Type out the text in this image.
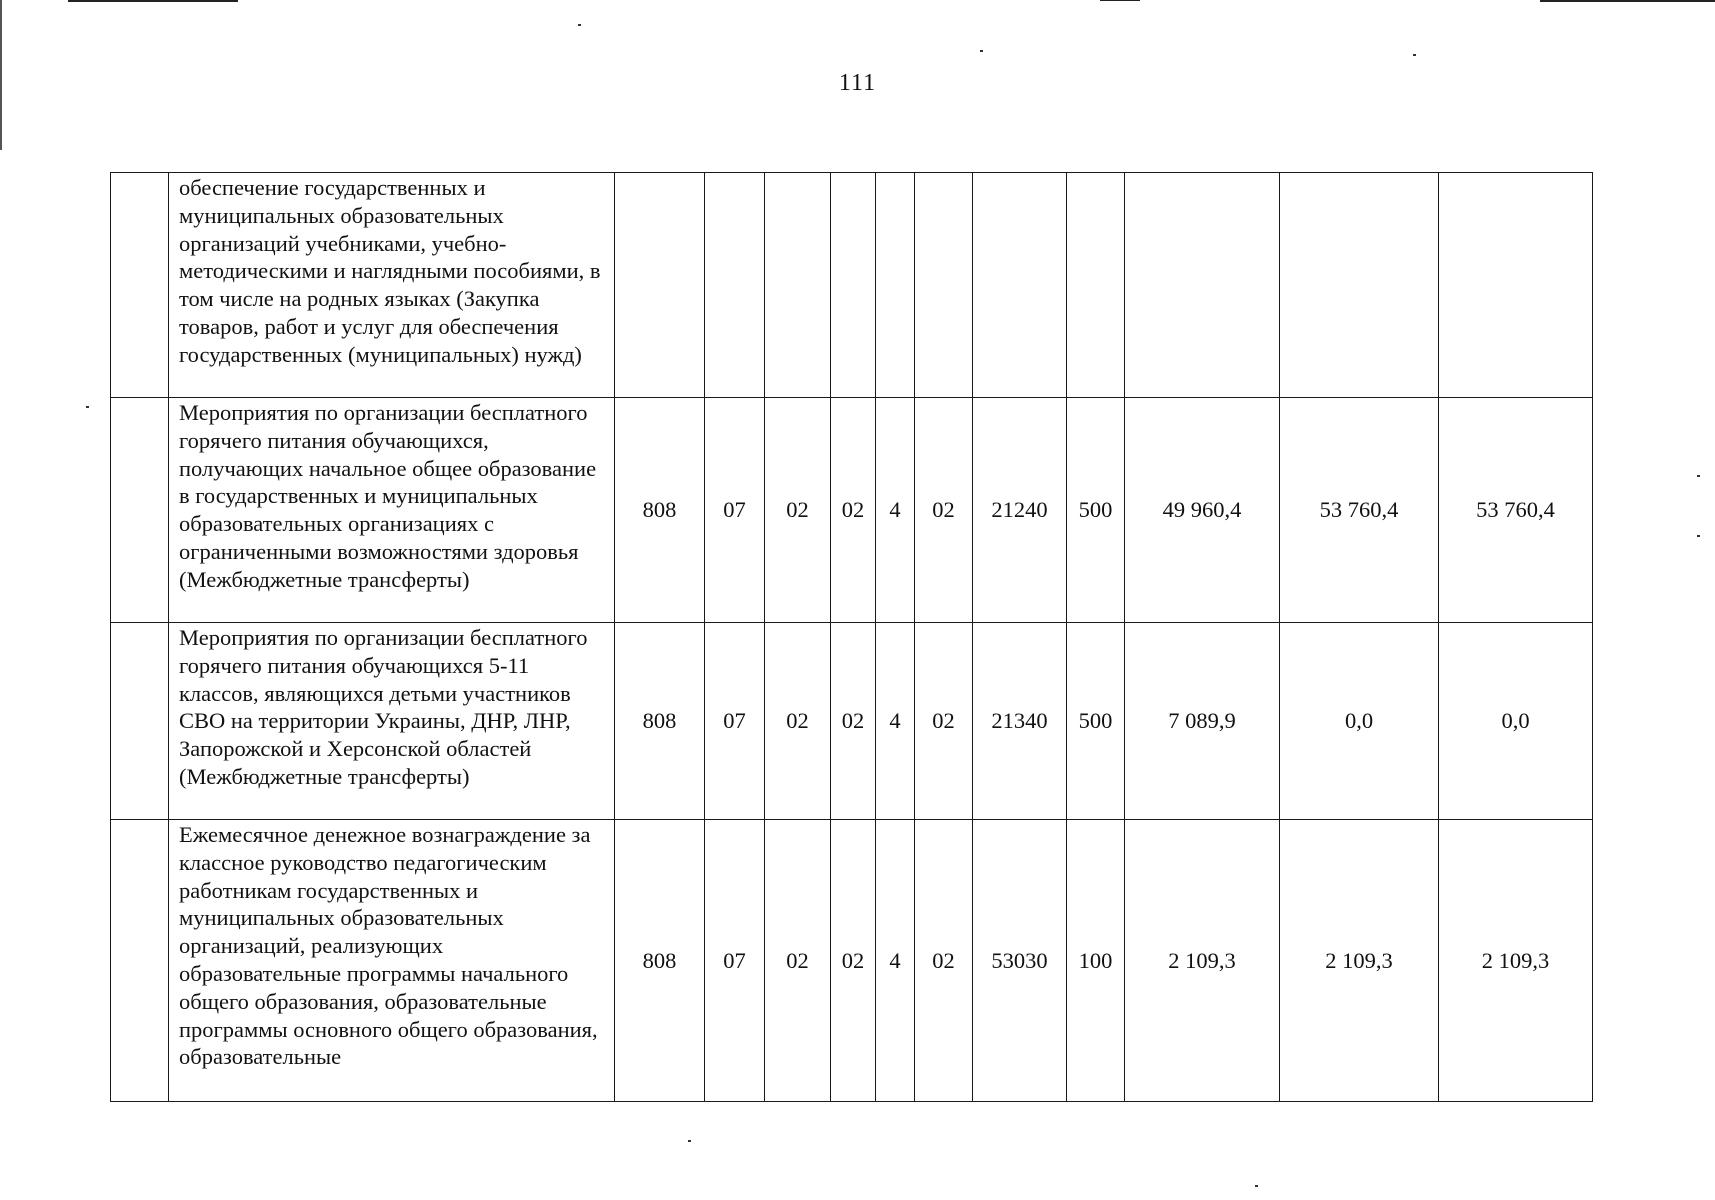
111
	обеспечение государственных и муниципальных образовательных организаций учебниками, учебно-методическими и наглядными пособиями, в том числе на родных языках (Закупка товаров, работ и услуг для обеспечения государственных (муниципальных) нужд)											
	Мероприятия по организации бесплатного горячего питания обучающихся, получающих начальное общее образование в государственных и муниципальных образовательных организациях с ограниченными возможностями здоровья (Межбюджетные трансферты)	808	07	02	02	4	02	21240	500	49 960,4	53 760,4	53 760,4
	Мероприятия по организации бесплатного горячего питания обучающихся 5-11 классов, являющихся детьми участников СВО на территории Украины, ДНР, ЛНР, Запорожской и Херсонской областей (Межбюджетные трансферты)	808	07	02	02	4	02	21340	500	7 089,9	0,0	0,0
	Ежемесячное денежное вознаграждение за классное руководство педагогическим работникам государственных и муниципальных образовательных организаций, реализующих образовательные программы начального общего образования, образовательные программы основного общего образования, образовательные	808	07	02	02	4	02	53030	100	2 109,3	2 109,3	2 109,3
